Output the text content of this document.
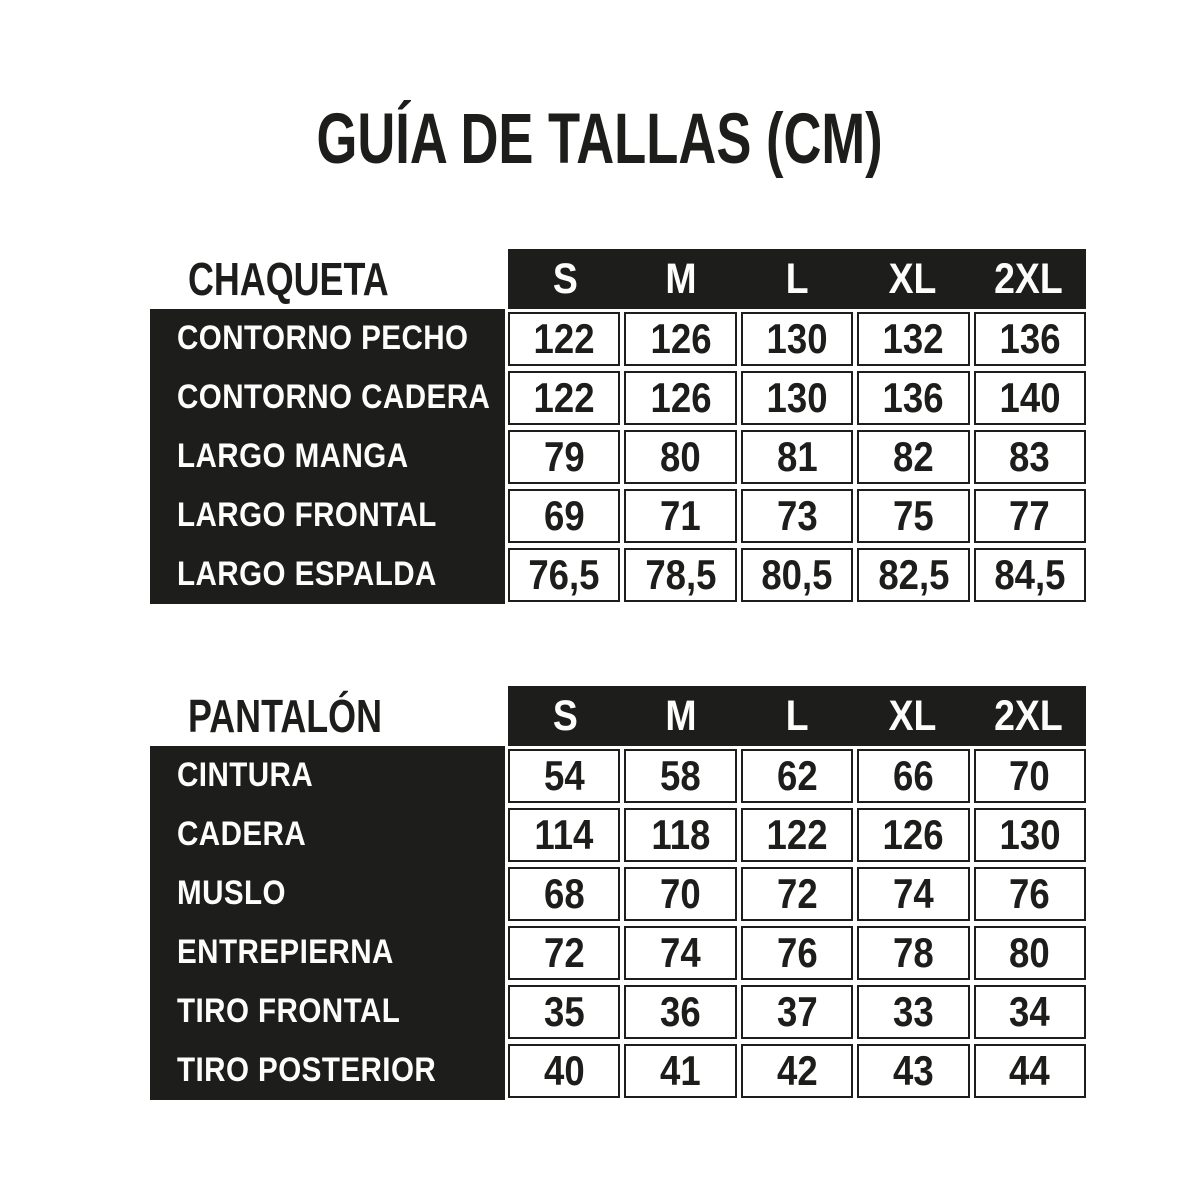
GUÍA DE TALLAS (CM)
CHAQUETA
CONTORNO PECHO
CONTORNO CADERA
LARGO MANGA
LARGO FRONTAL
LARGO ESPALDA
S M L XL 2XL
122 126 130 132 136
122 126 130 136 140
79 80 81 82 83
69 71 73 75 77
76,5 78,5 80,5 82,5 84,5
PANTALÓN
CINTURA
CADERA
MUSLO
ENTREPIERNA
TIRO FRONTAL
TIRO POSTERIOR
S M L XL 2XL
54 58 62 66 70
114 118 122 126 130
68 70 72 74 76
72 74 76 78 80
35 36 37 33 34
40 41 42 43 44
